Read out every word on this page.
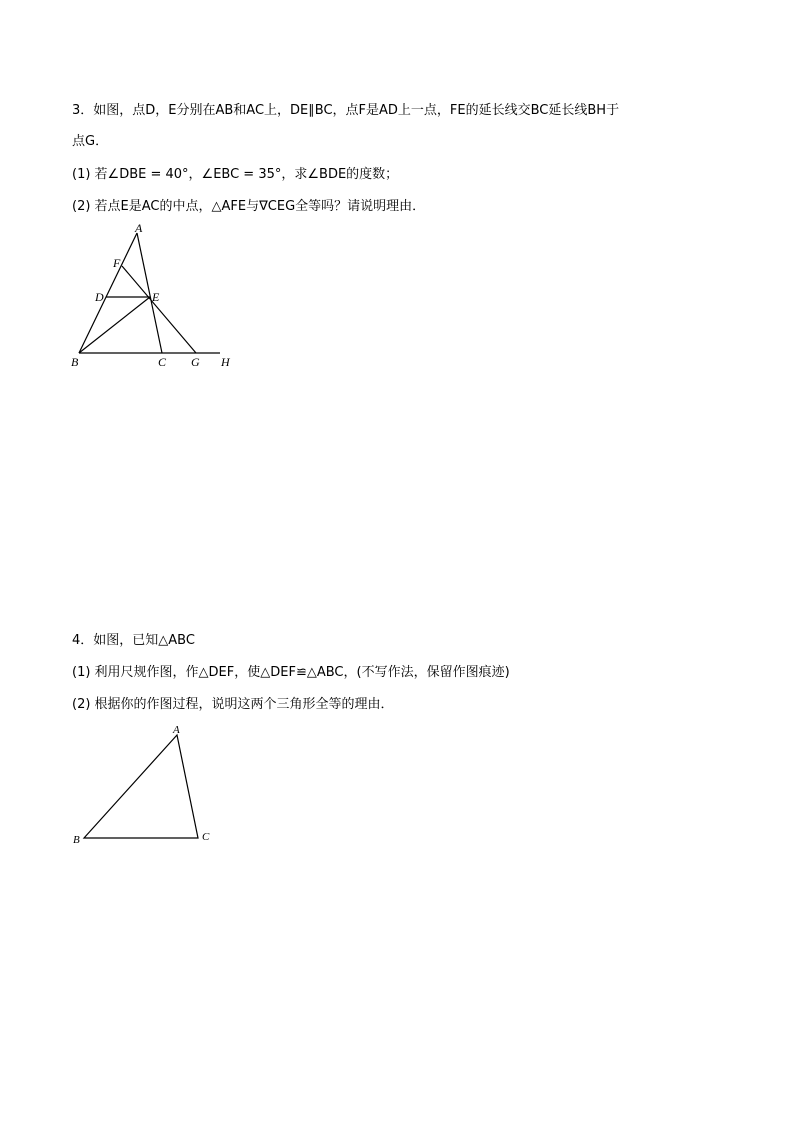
3．如图，点D，E分别在AB和AC上，DE∥BC，点F是AD上一点，FE的延长线交BC延长线BH于
点G．
(1) 若∠DBE = 40°，∠EBC = 35°，求∠BDE的度数；
(2) 若点E是AC的中点，△AFE与∇CEG全等吗？请说明理由．
A
F
D	E
B	C G H
4．如图，已知△ABC
(1) 利用尺规作图，作△DEF，使△DEF≌△ABC，(不写作法，保留作图痕迹)
(2) 根据你的作图过程，说明这两个三角形全等的理由．
A
B	C
